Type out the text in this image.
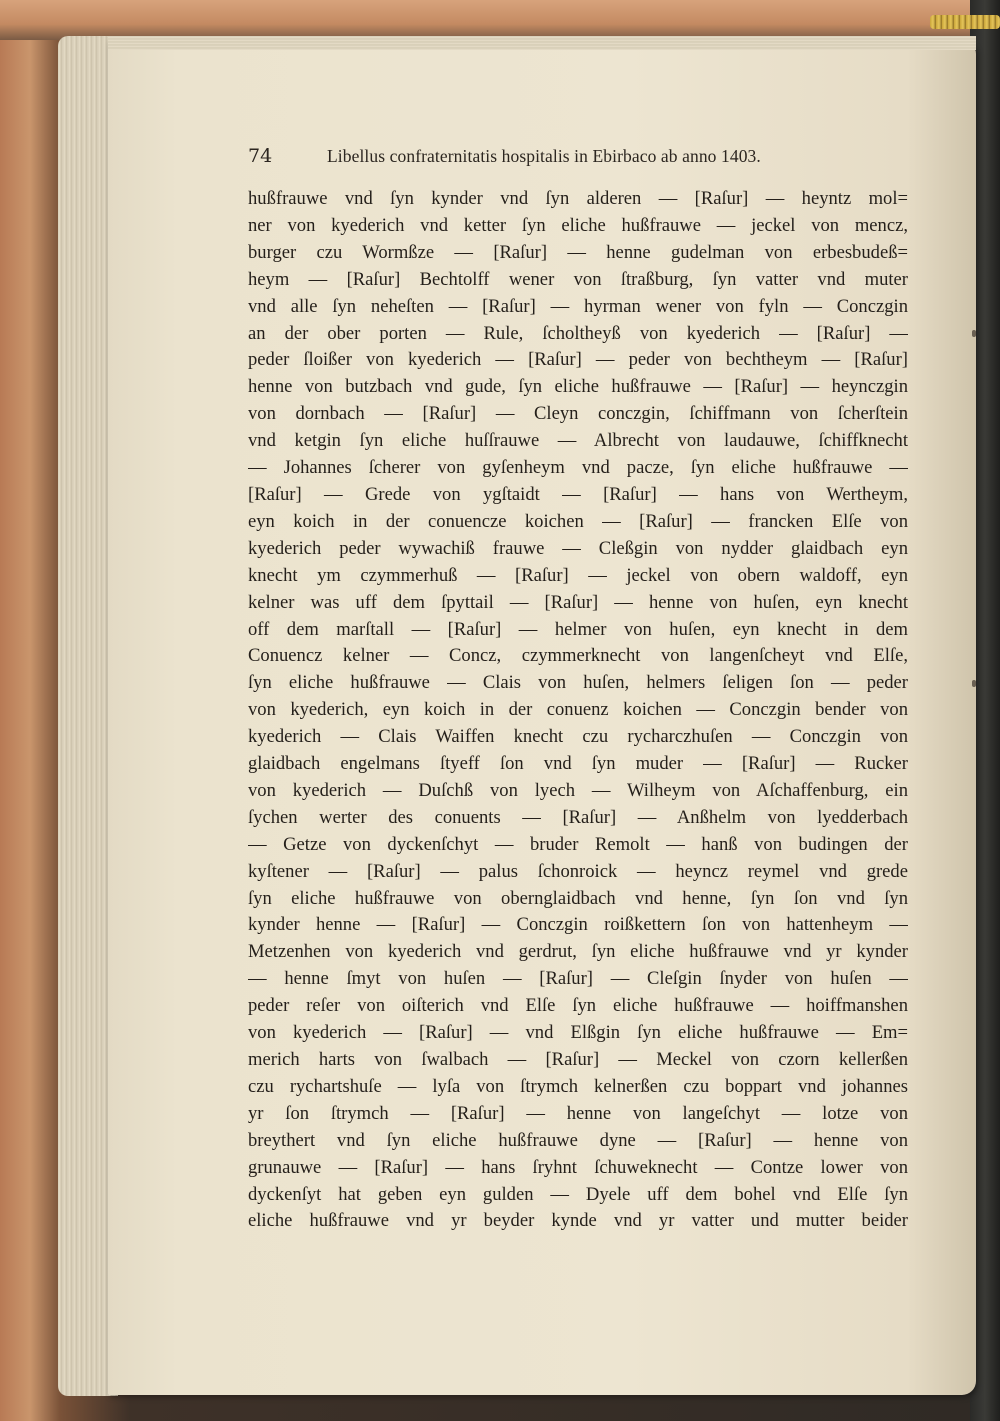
74	Libellus confraternitatis hospitalis in Ebirbaco ab anno 1403.
hußfrauwe vnd ſyn kynder vnd ſyn alderen — [Raſur] — heyntz mol=
ner von kyederich vnd ketter ſyn eliche hußfrauwe — jeckel von mencz,
burger czu Wormßze — [Raſur] — henne gudelman von erbesbudeß=
heym — [Raſur] Bechtolff wener von ſtraßburg, ſyn vatter vnd muter
vnd alle ſyn neheſten — [Raſur] — hyrman wener von fyln — Conczgin
an der ober porten — Rule, ſcholtheyß von kyederich — [Raſur] —
peder ſloißer von kyederich — [Raſur] — peder von bechtheym — [Raſur]
henne von butzbach vnd gude, ſyn eliche hußfrauwe — [Raſur] — heynczgin
von dornbach — [Raſur] — Cleyn conczgin, ſchiffmann von ſcherſtein
vnd ketgin ſyn eliche huſſrauwe — Albrecht von laudauwe, ſchiffknecht
— Johannes ſcherer von gyſenheym vnd pacze, ſyn eliche hußfrauwe —
[Raſur] — Grede von ygſtaidt — [Raſur] — hans von Wertheym,
eyn koich in der conuencze koichen — [Raſur] — francken Elſe von
kyederich peder wywachiß frauwe — Cleßgin von nydder glaidbach eyn
knecht ym czymmerhuß — [Raſur] — jeckel von obern waldoff, eyn
kelner was uff dem ſpyttail — [Raſur] — henne von huſen, eyn knecht
off dem marſtall — [Raſur] — helmer von huſen, eyn knecht in dem
Conuencz kelner — Concz, czymmerknecht von langenſcheyt vnd Elſe,
ſyn eliche hußfrauwe — Clais von huſen, helmers ſeligen ſon — peder
von kyederich, eyn koich in der conuenz koichen — Conczgin bender von
kyederich — Clais Waiffen knecht czu rycharczhuſen — Conczgin von
glaidbach engelmans ſtyeff ſon vnd ſyn muder — [Raſur] — Rucker
von kyederich — Duſchß von lyech — Wilheym von Aſchaffenburg, ein
ſychen werter des conuents — [Raſur] — Anßhelm von lyedderbach
— Getze von dyckenſchyt — bruder Remolt — hanß von budingen der
kyſtener — [Raſur] — palus ſchonroick — heyncz reymel vnd grede
ſyn eliche hußfrauwe von obernglaidbach vnd henne, ſyn ſon vnd ſyn
kynder henne — [Raſur] — Conczgin roißkettern ſon von hattenheym —
Metzenhen von kyederich vnd gerdrut, ſyn eliche hußfrauwe vnd yr kynder
— henne ſmyt von huſen — [Raſur] — Cleſgin ſnyder von huſen —
peder reſer von oiſterich vnd Elſe ſyn eliche hußfrauwe — hoiffmanshen
von kyederich — [Raſur] — vnd Elßgin ſyn eliche hußfrauwe — Em=
merich harts von ſwalbach — [Raſur] — Meckel von czorn kellerßen
czu rychartshuſe — lyſa von ſtrymch kelnerßen czu boppart vnd johannes
yr ſon ſtrymch — [Raſur] — henne von langeſchyt — lotze von
breythert vnd ſyn eliche hußfrauwe dyne — [Raſur] — henne von
grunauwe — [Raſur] — hans ſryhnt ſchuweknecht — Contze lower von
dyckenſyt hat geben eyn gulden — Dyele uff dem bohel vnd Elſe ſyn
eliche hußfrauwe vnd yr beyder kynde vnd yr vatter und mutter beider
